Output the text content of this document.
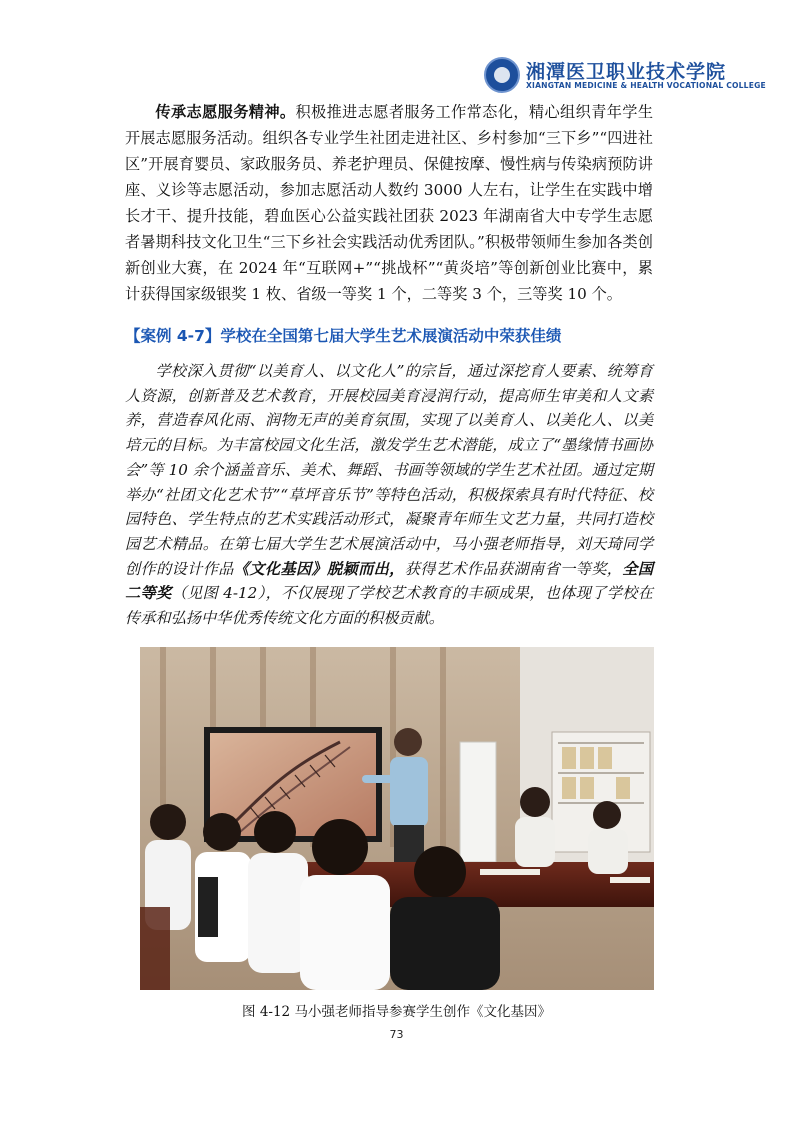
湘潭医卫职业技术学院
XIANGTAN MEDICINE & HEALTH VOCATIONAL COLLEGE
传承志愿服务精神。积极推进志愿者服务工作常态化，精心组织青年学生开展志愿服务活动。组织各专业学生社团走进社区、乡村参加“三下乡”“四进社区”开展育婴员、家政服务员、养老护理员、保健按摩、慢性病与传染病预防讲座、义诊等志愿活动，参加志愿活动人数约 3000 人左右，让学生在实践中增长才干、提升技能，碧血医心公益实践社团获 2023 年湖南省大中专学生志愿者暑期科技文化卫生“三下乡社会实践活动优秀团队。”积极带领师生参加各类创新创业大赛，在 2024 年“互联网+”“挑战杯”“黄炎培”等创新创业比赛中，累计获得国家级银奖 1 枚、省级一等奖 1 个，二等奖 3 个，三等奖 10 个。
【案例 4-7】学校在全国第七届大学生艺术展演活动中荣获佳绩
学校深入贯彻“以美育人、以文化人”的宗旨，通过深挖育人要素、统筹育人资源，创新普及艺术教育，开展校园美育浸润行动，提高师生审美和人文素养，营造春风化雨、润物无声的美育氛围，实现了以美育人、以美化人、以美培元的目标。为丰富校园文化生活，激发学生艺术潜能，成立了“墨缘情书画协会”等 10 余个涵盖音乐、美术、舞蹈、书画等领域的学生艺术社团。通过定期举办“社团文化艺术节”“草坪音乐节”等特色活动，积极探索具有时代特征、校园特色、学生特点的艺术实践活动形式，凝聚青年师生文艺力量，共同打造校园艺术精品。在第七届大学生艺术展演活动中，马小强老师指导，刘天琦同学创作的设计作品《文化基因》脱颖而出，获得艺术作品获湖南省一等奖，全国二等奖（见图 4-12），不仅展现了学校艺术教育的丰硕成果，也体现了学校在传承和弘扬中华优秀传统文化方面的积极贡献。
图 4-12 马小强老师指导参赛学生创作《文化基因》
73
